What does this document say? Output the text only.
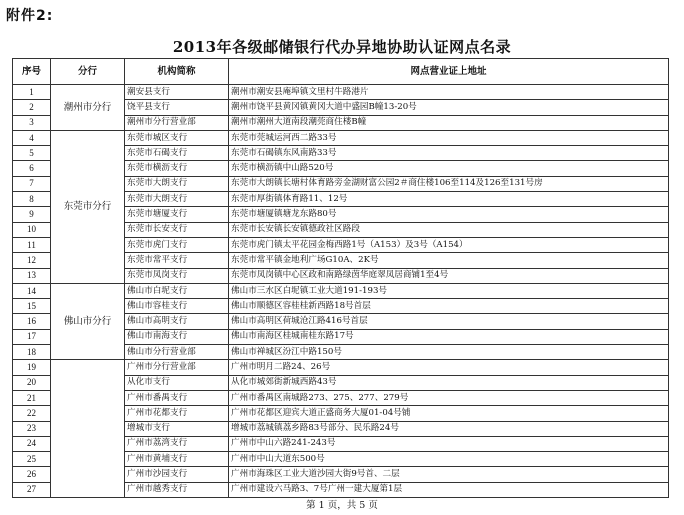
附件2:
2013年各级邮储银行代办异地协助认证网点名录
序号	分行	机构简称	网点营业证上地址
1	潮州市分行	潮安县支行	潮州市潮安县庵埠镇文里村牛路港片
2		饶平县支行	潮州市饶平县黄冈镇黄冈大道中盛园B幢13-20号
3		潮州市分行营业部	潮州市潮州大道南段潮莞商住楼B幢
4	东莞市分行	东莞市城区支行	东莞市莞城运河西二路33号
5		东莞市石碣支行	东莞市石碣镇东风南路33号
6		东莞市横沥支行	东莞市横沥镇中山路520号
7		东莞市大朗支行	东莞市大朗镇长塘村体育路旁金湖财富公园2＃商住楼106至114及126至131号房
8		东莞市大朗支行	东莞市厚街镇体育路11、12号
9		东莞市塘厦支行	东莞市塘厦镇塘龙东路80号
10		东莞市长安支行	东莞市长安镇长安镇德政社区路段
11		东莞市虎门支行	东莞市虎门镇太平花园金梅西路1号（A153）及3号（A154）
12		东莞市常平支行	东莞市常平镇金地利广场G10A、2K号
13		东莞市凤岗支行	东莞市凤岗镇中心区政和南路绿茵华庭翠凤居商铺1至4号
14	佛山市分行	佛山市白坭支行	佛山市三水区白坭镇工业大道191-193号
15		佛山市容桂支行	佛山市顺德区容桂桂新西路18号首层
16		佛山市高明支行	佛山市高明区荷城沧江路416号首层
17		佛山市南海支行	佛山市南海区桂城南桂东路17号
18		佛山市分行营业部	佛山市禅城区汾江中路150号
19		广州市分行营业部	广州市明月二路24、26号
20		从化市支行	从化市城郊街新城西路43号
21		广州市番禺支行	广州市番禺区南城路273、275、277、279号
22		广州市花都支行	广州市花都区迎宾大道正盛商务大厦01-04号铺
23		增城市支行	增城市荔城镇荔乡路83号部分、民乐路24号
24		广州市荔湾支行	广州市中山六路241-243号
25		广州市黄埔支行	广州市中山大道东500号
26		广州市沙园支行	广州市海珠区工业大道沙园大街9号首、二层
27		广州市越秀支行	广州市建设六马路3、7号广州一建大厦第1层
第 1 页，共 5 页
